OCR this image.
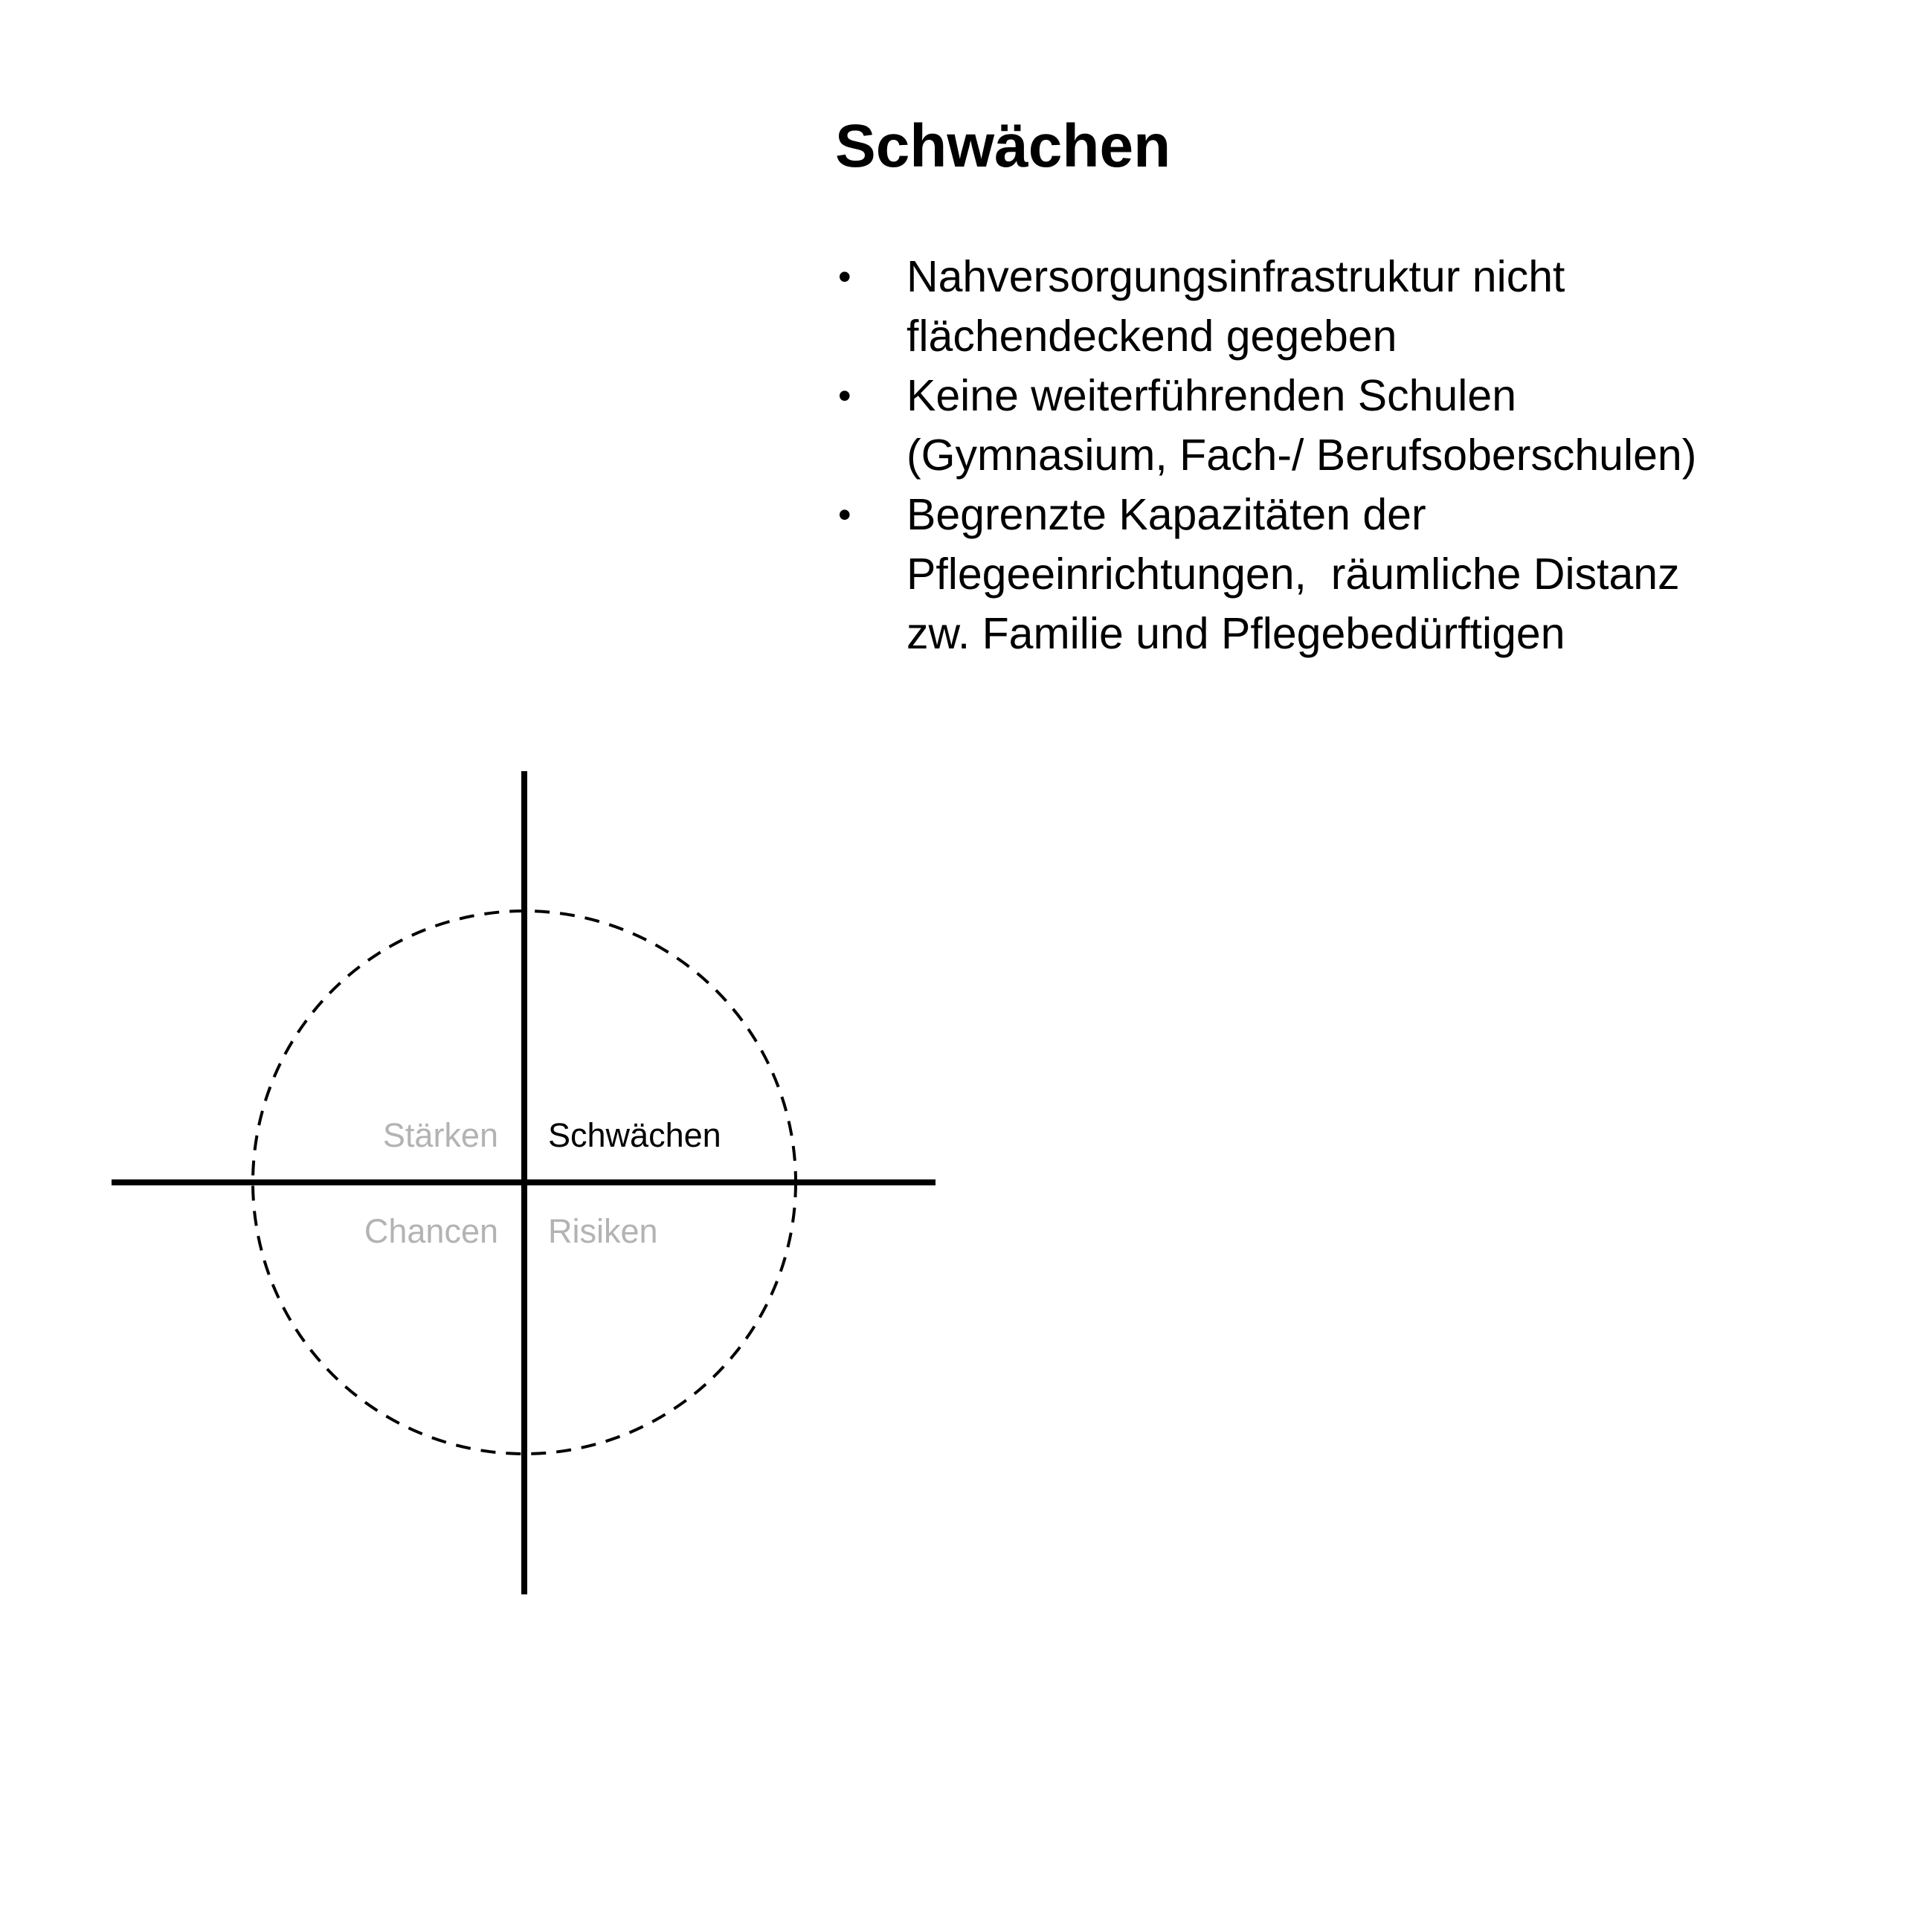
Schwächen
• Nahversorgungsinfrastruktur nicht
flächendeckend gegeben
• Keine weiterführenden Schulen
(Gymnasium, Fach-/ Berufsoberschulen)
• Begrenzte Kapazitäten der
Pflegeeinrichtungen,  räumliche Distanz
zw. Familie und Pflegebedürftigen
Stärken Schwächen
Chancen Risiken
